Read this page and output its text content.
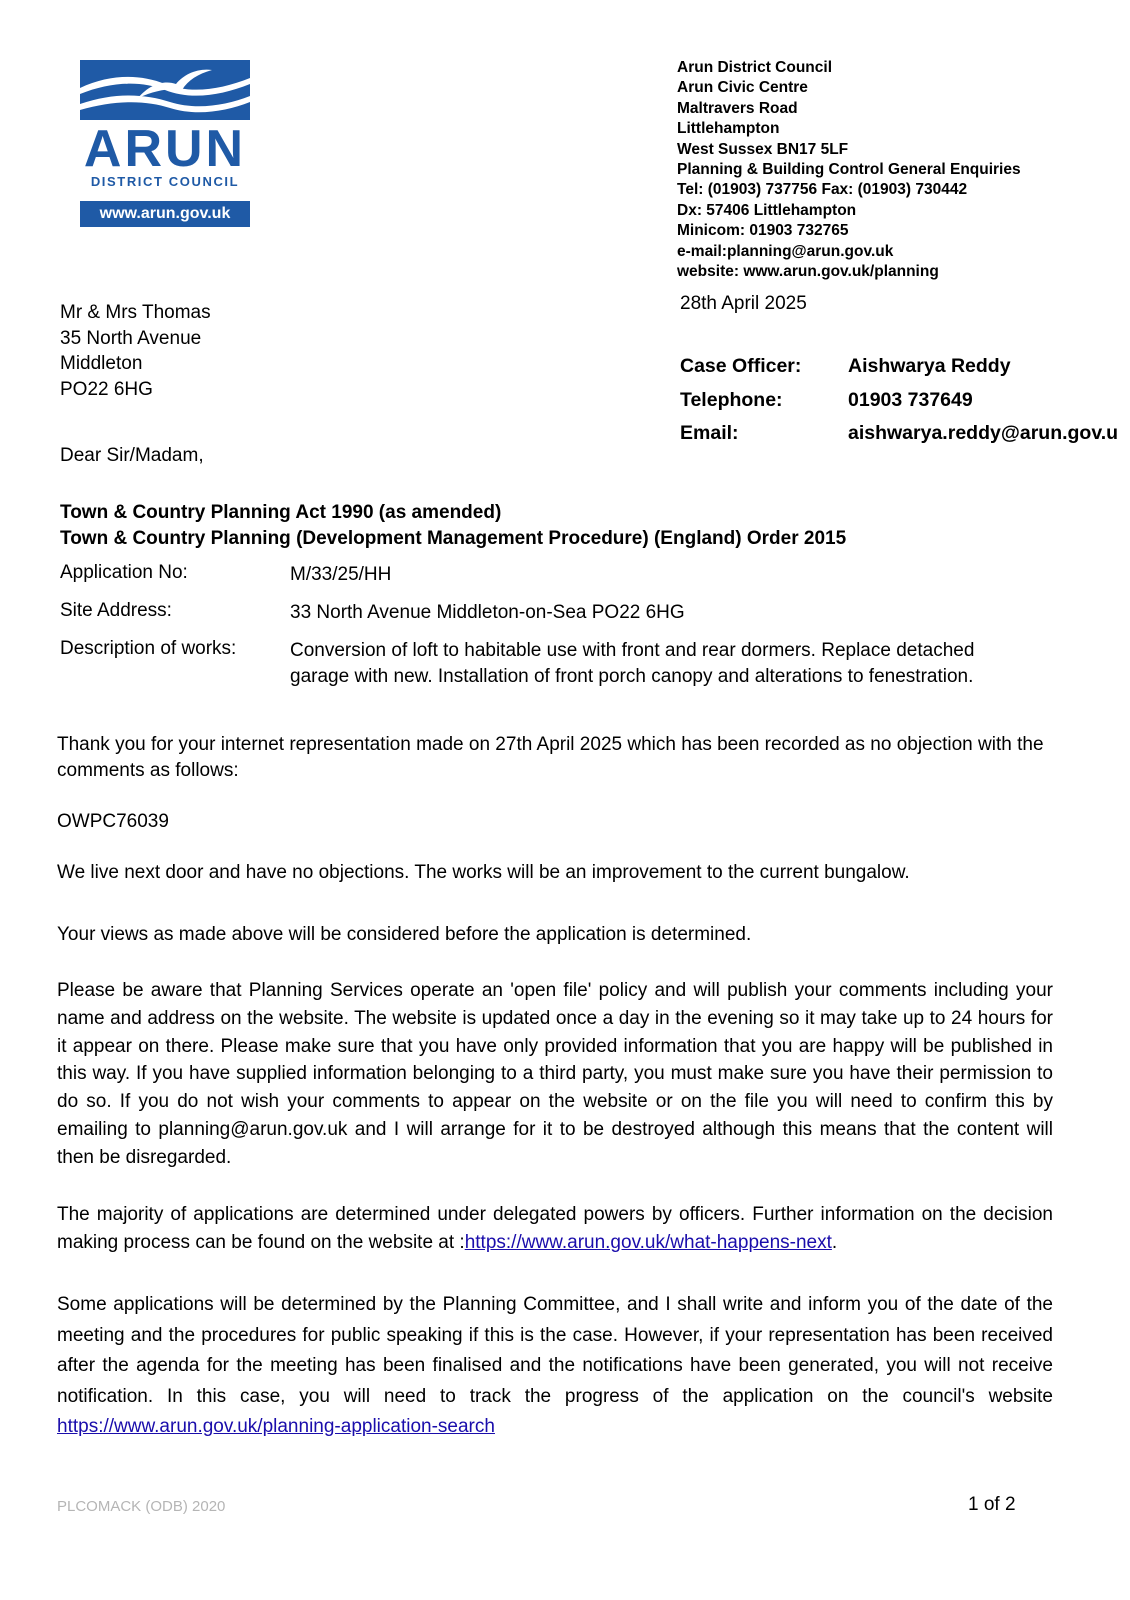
ARUN
DISTRICT COUNCIL
www.arun.gov.uk
Arun District Council
Arun Civic Centre
Maltravers Road
Littlehampton
West Sussex BN17 5LF
Planning & Building Control General Enquiries
Tel: (01903) 737756 Fax: (01903) 730442
Dx: 57406 Littlehampton
Minicom: 01903 732765
e-mail:planning@arun.gov.uk
website: www.arun.gov.uk/planning
28th April 2025
Case Officer: Aishwarya Reddy
Telephone:	01903 737649
Email:	aishwarya.reddy@arun.gov.u
Mr & Mrs Thomas
35 North Avenue
Middleton
PO22 6HG
Dear Sir/Madam,
Town & Country Planning Act 1990 (as amended)
Town & Country Planning (Development Management Procedure) (England) Order 2015
Application No:	M/33/25/HH
Site Address:	33 North Avenue Middleton-on-Sea PO22 6HG
Description of works:	Conversion of loft to habitable use with front and rear dormers. Replace detached garage with new. Installation of front porch canopy and alterations to fenestration.
Thank you for your internet representation made on 27th April 2025 which has been recorded as no objection with the comments as follows:
OWPC76039
We live next door and have no objections. The works will be an improvement to the current bungalow.
Your views as made above will be considered before the application is determined.
Please be aware that Planning Services operate an 'open file' policy and will publish your comments including your name and address on the website. The website is updated once a day in the evening so it may take up to 24 hours for it appear on there. Please make sure that you have only provided information that you are happy will be published in this way. If you have supplied information belonging to a third party, you must make sure you have their permission to do so. If you do not wish your comments to appear on the website or on the file you will need to confirm this by emailing to planning@arun.gov.uk and I will arrange for it to be destroyed although this means that the content will then be disregarded.
The majority of applications are determined under delegated powers by officers. Further information on the decision making process can be found on the website at :https://www.arun.gov.uk/what-happens-next.
Some applications will be determined by the Planning Committee, and I shall write and inform you of the date of the meeting and the procedures for public speaking if this is the case. However, if your representation has been received after the agenda for the meeting has been finalised and the notifications have been generated, you will not receive notification. In this case, you will need to track the progress of the application on the council's website https://www.arun.gov.uk/planning-application-search
PLCOMACK (ODB) 2020	1 of 2
